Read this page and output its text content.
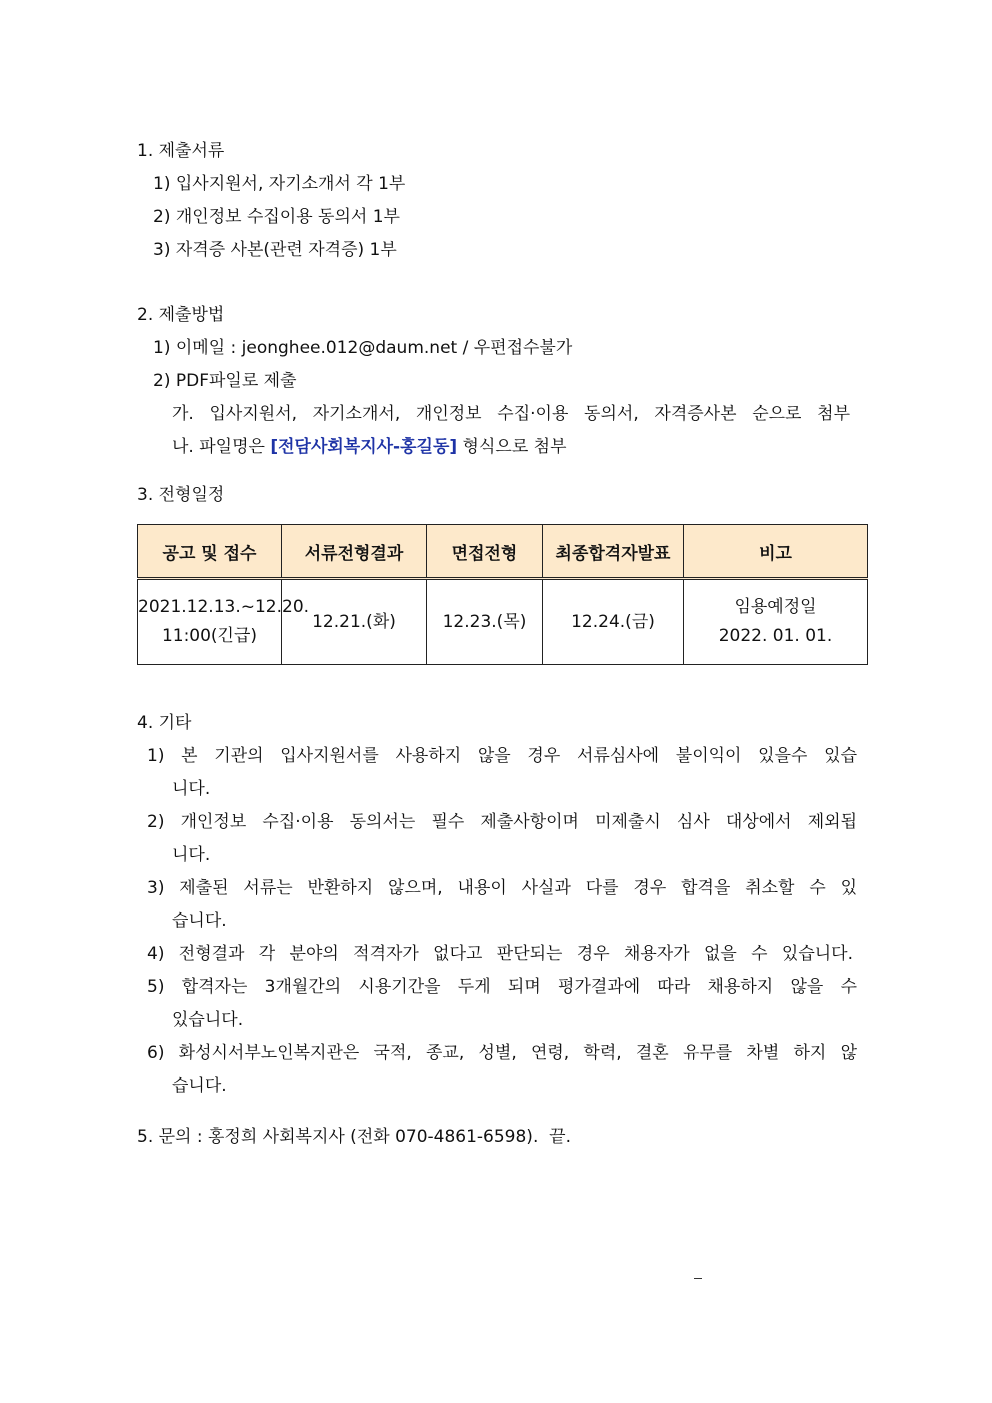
1. 제출서류
1) 입사지원서, 자기소개서 각 1부
2) 개인정보 수집이용 동의서 1부
3) 자격증 사본(관련 자격증) 1부
2. 제출방법
1) 이메일 : jeonghee.012@daum.net / 우편접수불가
2) PDF파일로 제출
가. 입사지원서, 자기소개서, 개인정보 수집·이용 동의서, 자격증사본 순으로 첨부
나. 파일명은 [전담사회복지사-홍길동] 형식으로 첨부
3. 전형일정
공고 및 접수	서류전형결과	면접전형	최종합격자발표	비고
2021.12.13.~12.20.
11:00(긴급)	12.21.(화)	12.23.(목)	12.24.(금)	임용예정일
2022. 01. 01.
4. 기타
1) 본 기관의 입사지원서를 사용하지 않을 경우 서류심사에 불이익이 있을수 있습
니다.
2) 개인정보 수집·이용 동의서는 필수 제출사항이며 미제출시 심사 대상에서 제외됩
니다.
3) 제출된 서류는 반환하지 않으며, 내용이 사실과 다를 경우 합격을 취소할 수 있
습니다.
4) 전형결과 각 분야의 적격자가 없다고 판단되는 경우 채용자가 없을 수 있습니다.
5) 합격자는 3개월간의 시용기간을 두게 되며 평가결과에 따라 채용하지 않을 수
있습니다.
6) 화성시서부노인복지관은 국적, 종교, 성별, 연령, 학력, 결혼 유무를 차별 하지 않
습니다.
5. 문의 : 홍정희 사회복지사 (전화 070-4861-6598).  끝.
